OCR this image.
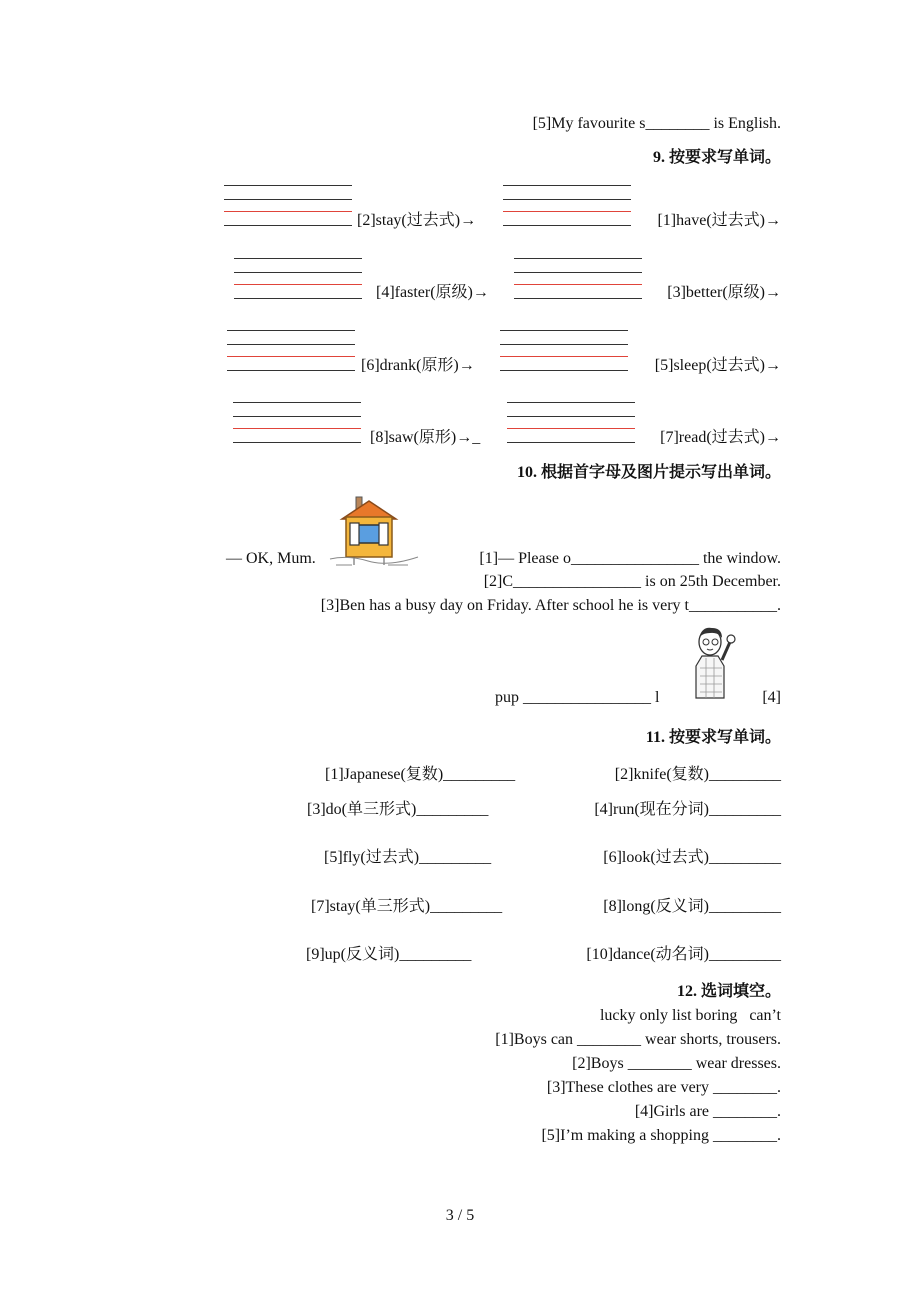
[5]My favourite s________ is English.
9. 按要求写单词。
[2]stay(过去式)→	[1]have(过去式)→
[4]faster(原级)→	[3]better(原级)→
[6]drank(原形)→	[5]sleep(过去式)→
[8]saw(原形)→_	[7]read(过去式)→
10. 根据首字母及图片提示写出单词。
— OK, Mum.	[1]— Please o________________ the window.
[2]C________________ is on 25th December.
[3]Ben has a busy day on Friday. After school he is very t___________.
pup ________________ l	[4]
11. 按要求写单词。
[1]Japanese(复数)_________	[2]knife(复数)_________
[3]do(单三形式)_________	[4]run(现在分词)_________
[5]fly(过去式)_________	[6]look(过去式)_________
[7]stay(单三形式)_________	[8]long(反义词)_________
[9]up(反义词)_________	[10]dance(动名词)_________
12. 选词填空。
lucky only list boring   can’t
[1]Boys can ________ wear shorts, trousers.
[2]Boys ________ wear dresses.
[3]These clothes are very ________.
[4]Girls are ________.
[5]I’m making a shopping ________.
3 / 5
